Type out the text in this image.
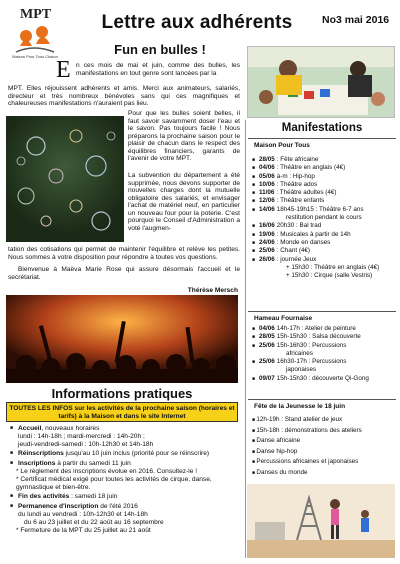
MPT
Maison Pour Tous Chalon
Lettre aux adhérents	No3 mai 2016
Fun en bulles !
E n ces mois de mai et juin, comme des bulles, les manifestations en tout genre sont lancées par la
MPT. Elles réjouissent adhérents et amis. Merci aux animateurs, salariés, directeur et très nombreux bénévoles sans qui ces magnifiques et chaleureuses manifestations n'auraient pas lieu.
Pour que les bulles soient belles, il faut savoir savamment doser l'eau et le savon. Pas toujours facile ! Nous préparons la prochaine saison pour le plaisir de chacun dans le respect des équilibres financiers, garants de l'avenir de votre MPT.
La subvention du département a été supprimée, nous devons supporter de nouvelles charges dont la mutuelle obligatoire des salariés, et envisager l'achat de matériel neuf, en particulier un nouveau four pour la poterie. C'est pourquoi le Conseil d'Administration a voté l'augmen-
tation des cotisations qui permet de maintenir l'équilibre et relève les petites. Nous sommes à votre disposition pour répondre à toutes vos questions.
Bienvenue à Maëva Marie Rose qui assure désormais l'accueil et le secrétariat.
Thérèse Mersch
Informations pratiques
TOUTES LES INFOS sur les activités de la prochaine saison (horaires et tarifs) à la Maison et dans le site Internet
■ Accueil, nouveaux horaires
lundi : 14h-18h ; mardi-mercredi : 14h-20h ;
jeudi-vendredi-samedi : 10h-12h30 et 14h-18h
■ Réinscriptions jusqu'au 10 juin inclus (priorité pour se réinscrire)
■ Inscriptions à partir du samedi 11 juin
* Le règlement des inscriptions évolue en 2016. Consultez-le !
* Certificat médical exigé pour toutes les activités de cirque, danse, gymnastique et bien-être.
■ Fin des activités : samedi 18 juin
■ Permanence d'inscription de l'été 2016
du lundi au vendredi : 10h-12h30 et 14h-18h
du 6 au 23 juillet et du 22 août au 16 septembre
* Fermeture de la MPT du 25 juillet au 21 août
Manifestations
Maison Pour Tous
■ 28/05 : Fête africaine
■ 04/06 : Théâtre en anglais (4€)
■ 05/06 à-m : Hip-hop
■ 10/06 : Théâtre ados
■ 11/06 : Théâtre adultes (4€)
■ 12/06 : Théâtre enfants
■ 14/06 18h45-19h15 : Théâtre 6-7 ans
restitution pendant le cours
■ 16/06 20h30 : Bal trad
■ 19/06 : Musicales à partir de 14h
■ 24/06 : Monde en danses
■ 25/06 : Chant (4€)
■ 26/06 : journée Jeux
+ 15h30 : Théâtre en anglais (4€)
+ 15h30 : Cirque (salle Vestris)
Hameau Fournaise
■ 04/06 14h-17h : Atelier de peinture
■ 28/05 15h-15h30 : Salsa découverte
■ 25/06 15h-16h30 : Percussions
africaines
■ 25/06 16h30-17h : Percussions
japonaises
■ 09/07 15h-15h30 : découverte Qi-Gong
Fête de la Jeunesse le 18 juin
■ 12h-19h : Stand atelier de jeux
■ 15h-18h : démonstrations des ateliers
■ Danse africaine
■ Danse hip-hop
■ Percussions africaines et japonaises
■ Danses du monde
